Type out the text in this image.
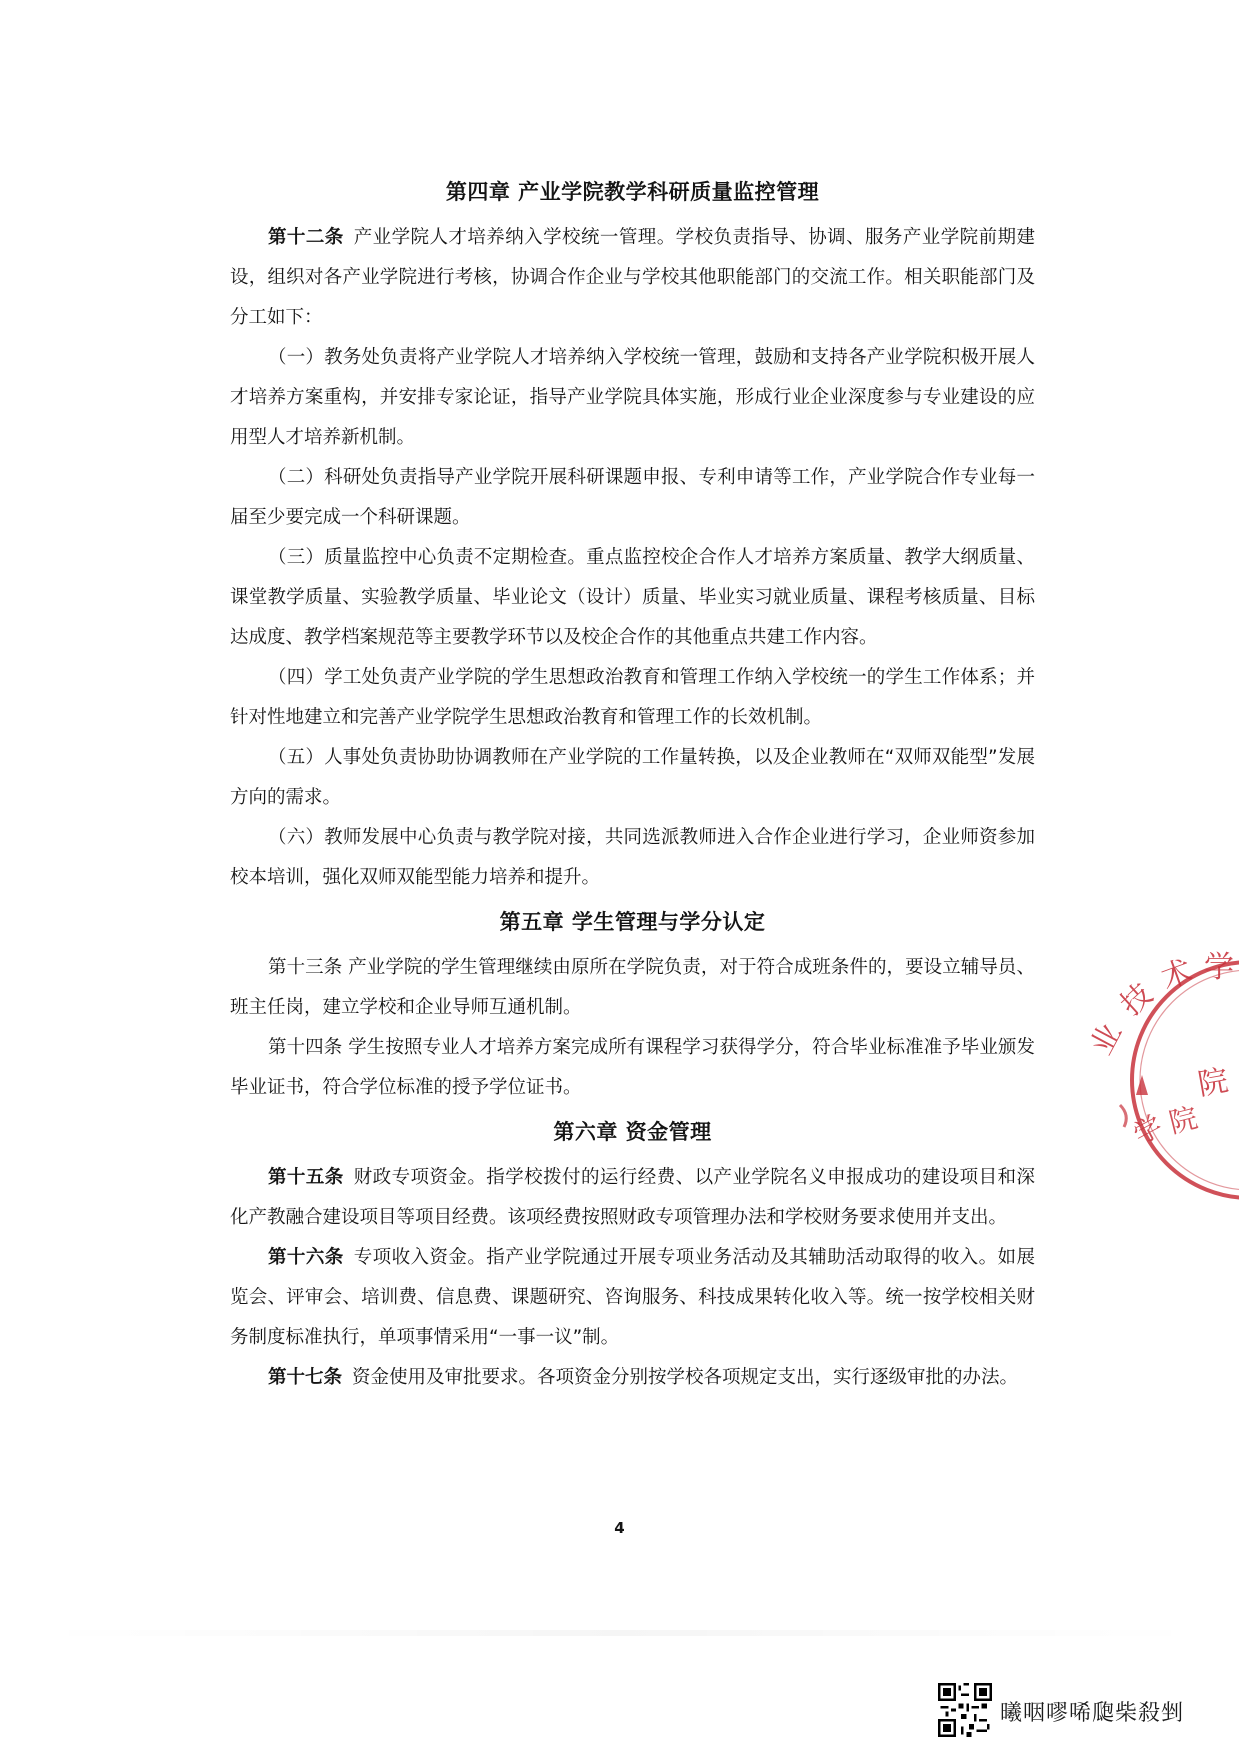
第四章 产业学院教学科研质量监控管理

第十二条 产业学院人才培养纳入学校统一管理。学校负责指导、协调、服务产业学院前期建设，组织对各产业学院进行考核，协调合作企业与学校其他职能部门的交流工作。相关职能部门及分工如下：

（一）教务处负责将产业学院人才培养纳入学校统一管理，鼓励和支持各产业学院积极开展人才培养方案重构，并安排专家论证，指导产业学院具体实施，形成行业企业深度参与专业建设的应用型人才培养新机制。

（二）科研处负责指导产业学院开展科研课题申报、专利申请等工作，产业学院合作专业每一届至少要完成一个科研课题。

（三）质量监控中心负责不定期检查。重点监控校企合作人才培养方案质量、教学大纲质量、课堂教学质量、实验教学质量、毕业论文（设计）质量、毕业实习就业质量、课程考核质量、目标达成度、教学档案规范等主要教学环节以及校企合作的其他重点共建工作内容。

（四）学工处负责产业学院的学生思想政治教育和管理工作纳入学校统一的学生工作体系；并针对性地建立和完善产业学院学生思想政治教育和管理工作的长效机制。

（五）人事处负责协助协调教师在产业学院的工作量转换，以及企业教师在“双师双能型”发展方向的需求。

（六）教师发展中心负责与教学院对接，共同选派教师进入合作企业进行学习，企业师资参加校本培训，强化双师双能型能力培养和提升。

第五章 学生管理与学分认定

第十三条 产业学院的学生管理继续由原所在学院负责，对于符合成班条件的，要设立辅导员、班主任岗，建立学校和企业导师互通机制。

第十四条 学生按照专业人才培养方案完成所有课程学习获得学分，符合毕业标准准予毕业颁发毕业证书，符合学位标准的授予学位证书。

第六章 资金管理

第十五条 财政专项资金。指学校拨付的运行经费、以产业学院名义申报成功的建设项目和深化产教融合建设项目等项目经费。该项经费按照财政专项管理办法和学校财务要求使用并支出。

第十六条 专项收入资金。指产业学院通过开展专项业务活动及其辅助活动取得的收入。如展览会、评审会、培训费、信息费、课题研究、咨询服务、科技成果转化收入等。统一按学校相关财务制度标准执行，单项事情采用“一事一议”制。

第十七条 资金使用及审批要求。各项资金分别按学校各项规定支出，实行逐级审批的办法。

4
业
技
术 学
院
学
院
曦咽嘐唏瓟柴殺剉
